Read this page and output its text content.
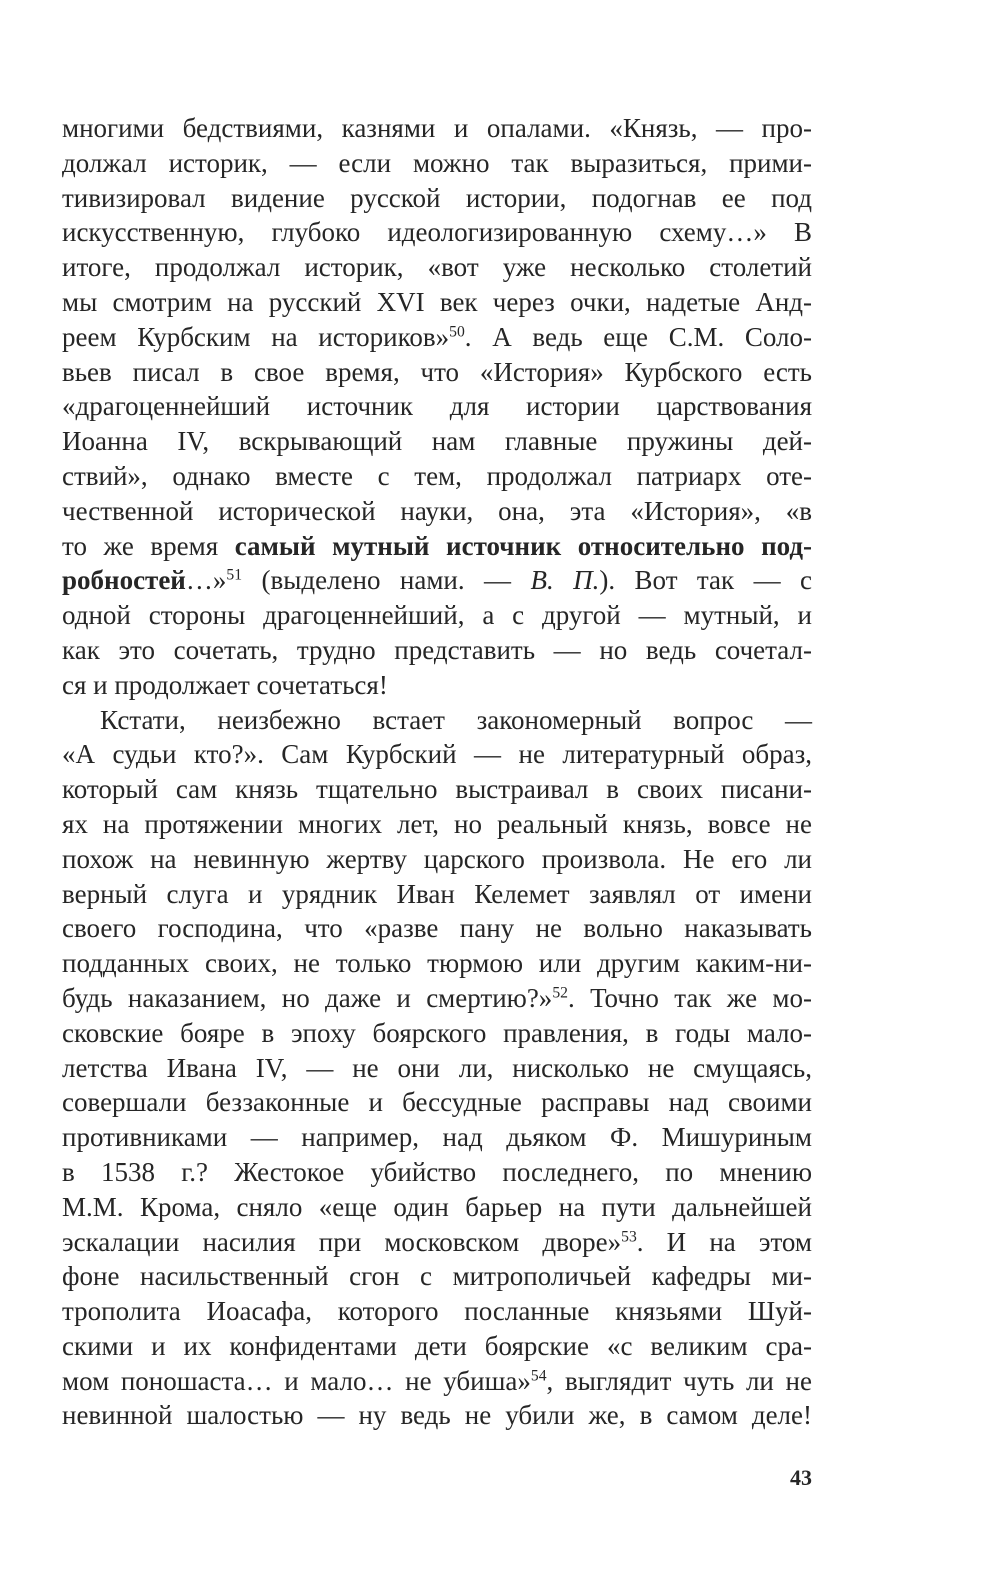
многими бедствиями, казнями и опалами. «Князь, — про-
должал историк, — если можно так выразиться, прими-
тивизировал видение русской истории, подогнав ее под
искусственную, глубоко идеологизированную схему…» В
итоге, продолжал историк, «вот уже несколько столетий
мы смотрим на русский XVI век через очки, надетые Анд-
реем Курбским на историков»$^{50}$. А ведь еще С.М. Соло-
вьев писал в свое время, что «История» Курбского есть
«драгоценнейший источник для истории царствования
Иоанна IV, вскрывающий нам главные пружины дей-
ствий», однако вместе с тем, продолжал патриарх оте-
чественной исторической науки, она, эта «История», «в
то же время самый мутный источник относительно под-
робностей…»$^{51}$ (выделено нами. — В. П.). Вот так — с
одной стороны драгоценнейший, а с другой — мутный, и
как это сочетать, трудно представить — но ведь сочетал-
ся и продолжает сочетаться!
Кстати, неизбежно встает закономерный вопрос —
«А судьи кто?». Сам Курбский — не литературный образ,
который сам князь тщательно выстраивал в своих писани-
ях на протяжении многих лет, но реальный князь, вовсе не
похож на невинную жертву царского произвола. Не его ли
верный слуга и урядник Иван Келемет заявлял от имени
своего господина, что «разве пану не вольно наказывать
подданных своих, не только тюрмою или другим каким-ни-
будь наказанием, но даже и смертию?»$^{52}$. Точно так же мо-
сковские бояре в эпоху боярского правления, в годы мало-
летства Ивана IV, — не они ли, нисколько не смущаясь,
совершали беззаконные и бессудные расправы над своими
противниками — например, над дьяком Ф. Мишуриным
в 1538 г.? Жестокое убийство последнего, по мнению
М.М. Крома, сняло «еще один барьер на пути дальнейшей
эскалации насилия при московском дворе»$^{53}$. И на этом
фоне насильственный сгон с митрополичьей кафедры ми-
трополита Иоасафа, которого посланные князьями Шуй-
скими и их конфидентами дети боярские «с великим сра-
мом поношаста… и мало… не убиша»$^{54}$, выглядит чуть ли не
невинной шалостью — ну ведь не убили же, в самом деле!
43
